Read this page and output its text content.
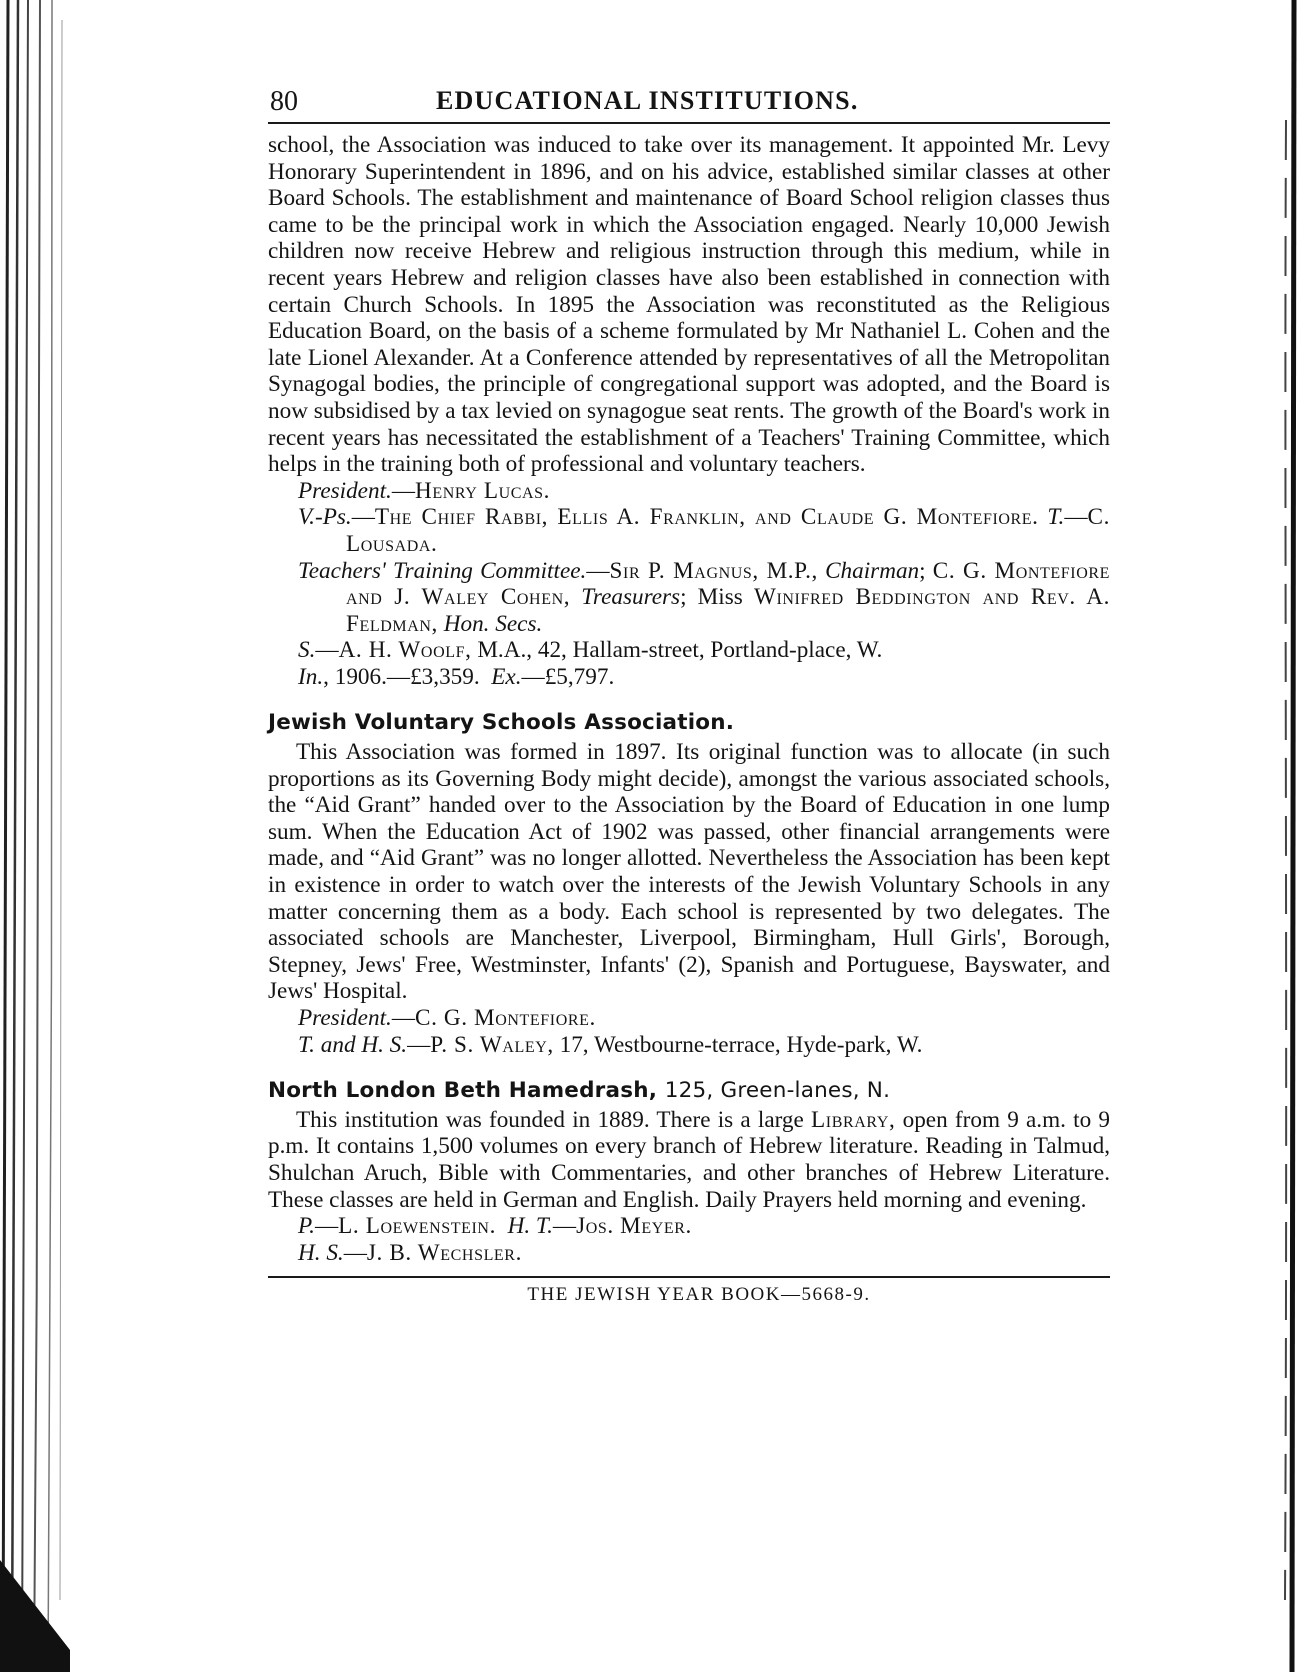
80	EDUCATIONAL INSTITUTIONS.

school, the Association was induced to take over its management. It appointed Mr. Levy Honorary Superintendent in 1896, and on his advice, established similar classes at other Board Schools. The establishment and maintenance of Board School religion classes thus came to be the principal work in which the Association engaged. Nearly 10,000 Jewish children now receive Hebrew and religious instruction through this medium, while in recent years Hebrew and religion classes have also been established in connection with certain Church Schools. In 1895 the Association was reconstituted as the Religious Education Board, on the basis of a scheme formulated by Mr Nathaniel L. Cohen and the late Lionel Alexander. At a Conference attended by representatives of all the Metropolitan Synagogal bodies, the principle of congregational support was adopted, and the Board is now subsidised by a tax levied on synagogue seat rents. The growth of the Board's work in recent years has necessitated the establishment of a Teachers' Training Committee, which helps in the training both of professional and voluntary teachers.

President.—Henry Lucas.

V.-Ps.—The Chief Rabbi, Ellis A. Franklin, and Claude G. Montefiore. T.—C. Lousada.

Teachers' Training Committee.—Sir P. Magnus, M.P., Chairman; C. G. Montefiore and J. Waley Cohen, Treasurers; Miss Winifred Beddington and Rev. A. Feldman, Hon. Secs.

S.—A. H. Woolf, M.A., 42, Hallam-street, Portland-place, W.

In., 1906.—£3,359. Ex.—£5,797.

Jewish Voluntary Schools Association.

This Association was formed in 1897. Its original function was to allocate (in such proportions as its Governing Body might decide), amongst the various associated schools, the “Aid Grant” handed over to the Association by the Board of Education in one lump sum. When the Education Act of 1902 was passed, other financial arrangements were made, and “Aid Grant” was no longer allotted. Nevertheless the Association has been kept in existence in order to watch over the interests of the Jewish Voluntary Schools in any matter concerning them as a body. Each school is represented by two delegates. The associated schools are Manchester, Liverpool, Birmingham, Hull Girls', Borough, Stepney, Jews' Free, Westminster, Infants' (2), Spanish and Portuguese, Bayswater, and Jews' Hospital.

President.—C. G. Montefiore.

T. and H. S.—P. S. Waley, 17, Westbourne-terrace, Hyde-park, W.

North London Beth Hamedrash, 125, Green-lanes, N.

This institution was founded in 1889. There is a large Library, open from 9 a.m. to 9 p.m. It contains 1,500 volumes on every branch of Hebrew literature. Reading in Talmud, Shulchan Aruch, Bible with Commentaries, and other branches of Hebrew Literature. These classes are held in German and English. Daily Prayers held morning and evening.

P.—L. Loewenstein. H. T.—Jos. Meyer.

H. S.—J. B. Wechsler.

THE JEWISH YEAR BOOK—5668-9.
